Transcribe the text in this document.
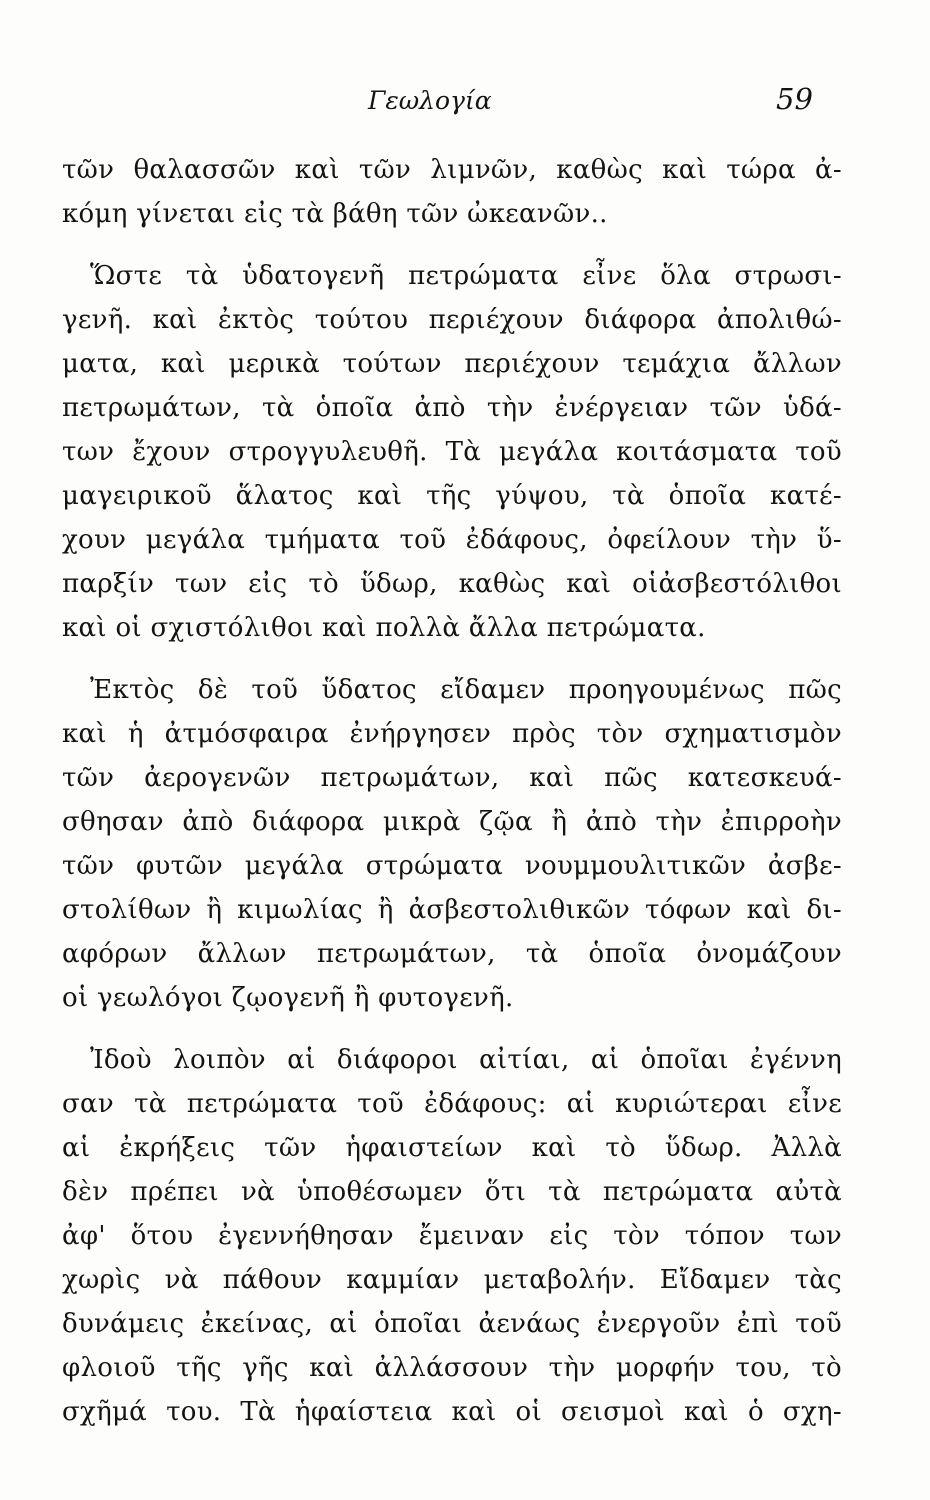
Γεωλογία	59
τῶν θαλασσῶν καὶ τῶν λιμνῶν, καθὼς καὶ τώρα ἀ-
κόμη γίνεται εἰς τὰ βάθη τῶν ὠκεανῶν..
Ὥστε τὰ ὑδατογενῆ πετρώματα εἶνε ὅλα στρωσι-
γενῆ. καὶ ἐκτὸς τούτου περιέχουν διάφορα ἀπολιθώ-
ματα, καὶ μερικὰ τούτων περιέχουν τεμάχια ἄλλων
πετρωμάτων, τὰ ὁποῖα ἀπὸ τὴν ἐνέργειαν τῶν ὑδά-
των ἔχουν στρογγυλευθῆ. Τὰ μεγάλα κοιτάσματα τοῦ
μαγειρικοῦ ἅλατος καὶ τῆς γύψου, τὰ ὁποῖα κατέ-
χουν μεγάλα τμήματα τοῦ ἐδάφους, ὀφείλουν τὴν ὕ-
παρξίν των εἰς τὸ ὕδωρ, καθὼς καὶ οἱἀσβεστόλιθοι
καὶ οἱ σχιστόλιθοι καὶ πολλὰ ἄλλα πετρώματα.
Ἐκτὸς δὲ τοῦ ὕδατος εἴδαμεν προηγουμένως πῶς
καὶ ἡ ἀτμόσφαιρα ἐνήργησεν πρὸς τὸν σχηματισμὸν
τῶν ἀερογενῶν πετρωμάτων, καὶ πῶς κατεσκευά-
σθησαν ἀπὸ διάφορα μικρὰ ζῷα ἢ ἀπὸ τὴν ἐπιρροὴν
τῶν φυτῶν μεγάλα στρώματα νουμμουλιτικῶν ἀσβε-
στολίθων ἢ κιμωλίας ἢ ἀσβεστολιθικῶν τόφων καὶ δι-
αφόρων ἄλλων πετρωμάτων, τὰ ὁποῖα ὀνομάζουν
οἱ γεωλόγοι ζῳογενῆ ἢ φυτογενῆ.
Ἰδοὺ λοιπὸν αἱ διάφοροι αἰτίαι, αἱ ὁποῖαι ἐγέννη
σαν τὰ πετρώματα τοῦ ἐδάφους: αἱ κυριώτεραι εἶνε
αἱ ἐκρήξεις τῶν ἡφαιστείων καὶ τὸ ὕδωρ. Ἀλλὰ
δὲν πρέπει νὰ ὑποθέσωμεν ὅτι τὰ πετρώματα αὐτὰ
ἀφ' ὅτου ἐγεννήθησαν ἔμειναν εἰς τὸν τόπον των
χωρὶς νὰ πάθουν καμμίαν μεταβολήν. Εἴδαμεν τὰς
δυνάμεις ἐκείνας, αἱ ὁποῖαι ἀενάως ἐνεργοῦν ἐπὶ τοῦ
φλοιοῦ τῆς γῆς καὶ ἀλλάσσουν τὴν μορφήν του, τὸ
σχῆμά του. Τὰ ἡφαίστεια καὶ οἱ σεισμοὶ καὶ ὁ σχη-
